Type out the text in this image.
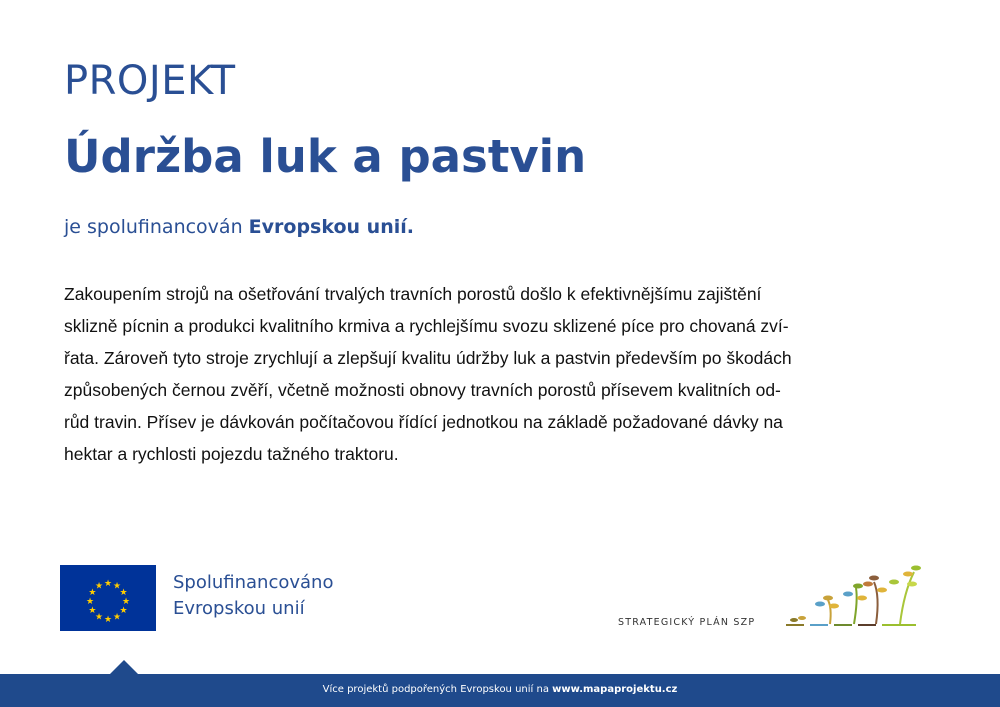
PROJEKT
Údržba luk a pastvin
je spolufinancován Evropskou unií.
Zakoupením strojů na ošetřování trvalých travních porostů došlo k efektivnějšímu zajištění
sklizně pícnin a produkci kvalitního krmiva a rychlejšímu svozu sklizené píce pro chovaná zví-
řata. Zároveň tyto stroje zrychlují a zlepšují kvalitu údržby luk a pastvin především po škodách
způsobených černou zvěří, včetně možnosti obnovy travních porostů přísevem kvalitních od-
růd travin. Přísev je dávkován počítačovou řídící jednotkou na základě požadované dávky na
hektar a rychlosti pojezdu tažného traktoru.
★ ★
★
★
★
★
★
★
★
★
★
★	Spolufinancováno
Evropskou unií
STRATEGICKÝ PLÁN SZP
Více projektů podpořených Evropskou unií na www.mapaprojektu.cz
